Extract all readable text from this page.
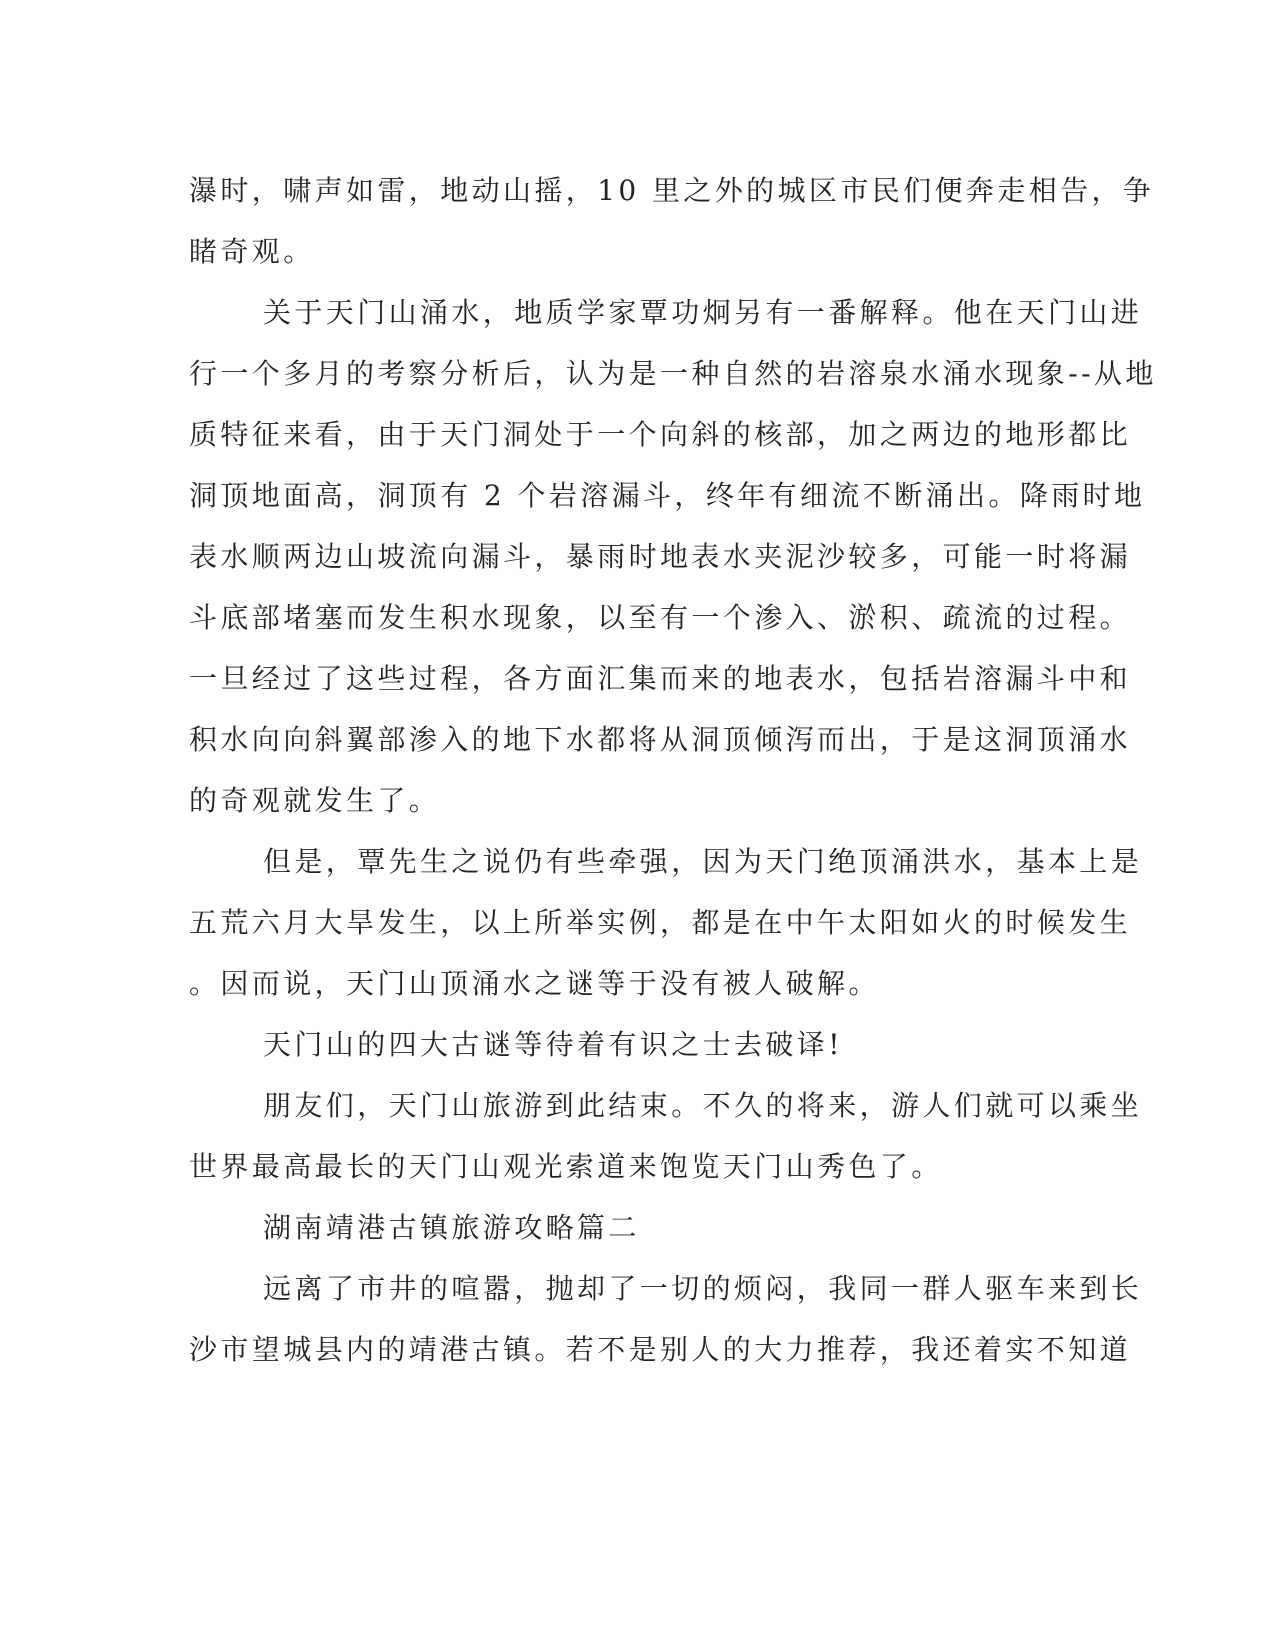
瀑时，啸声如雷，地动山摇，10 里之外的城区市民们便奔走相告，争
睹奇观。
关于天门山涌水，地质学家覃功炯另有一番解释。他在天门山进
行一个多月的考察分析后，认为是一种自然的岩溶泉水涌水现象--从地
质特征来看，由于天门洞处于一个向斜的核部，加之两边的地形都比
洞顶地面高，洞顶有 2 个岩溶漏斗，终年有细流不断涌出。降雨时地
表水顺两边山坡流向漏斗，暴雨时地表水夹泥沙较多，可能一时将漏
斗底部堵塞而发生积水现象，以至有一个渗入、淤积、疏流的过程。
一旦经过了这些过程，各方面汇集而来的地表水，包括岩溶漏斗中和
积水向向斜翼部渗入的地下水都将从洞顶倾泻而出，于是这洞顶涌水
的奇观就发生了。
但是，覃先生之说仍有些牵强，因为天门绝顶涌洪水，基本上是
五荒六月大旱发生，以上所举实例，都是在中午太阳如火的时候发生
。因而说，天门山顶涌水之谜等于没有被人破解。
天门山的四大古谜等待着有识之士去破译!
朋友们，天门山旅游到此结束。不久的将来，游人们就可以乘坐
世界最高最长的天门山观光索道来饱览天门山秀色了。
湖南靖港古镇旅游攻略篇二
远离了市井的喧嚣，抛却了一切的烦闷，我同一群人驱车来到长
沙市望城县内的靖港古镇。若不是别人的大力推荐，我还着实不知道
